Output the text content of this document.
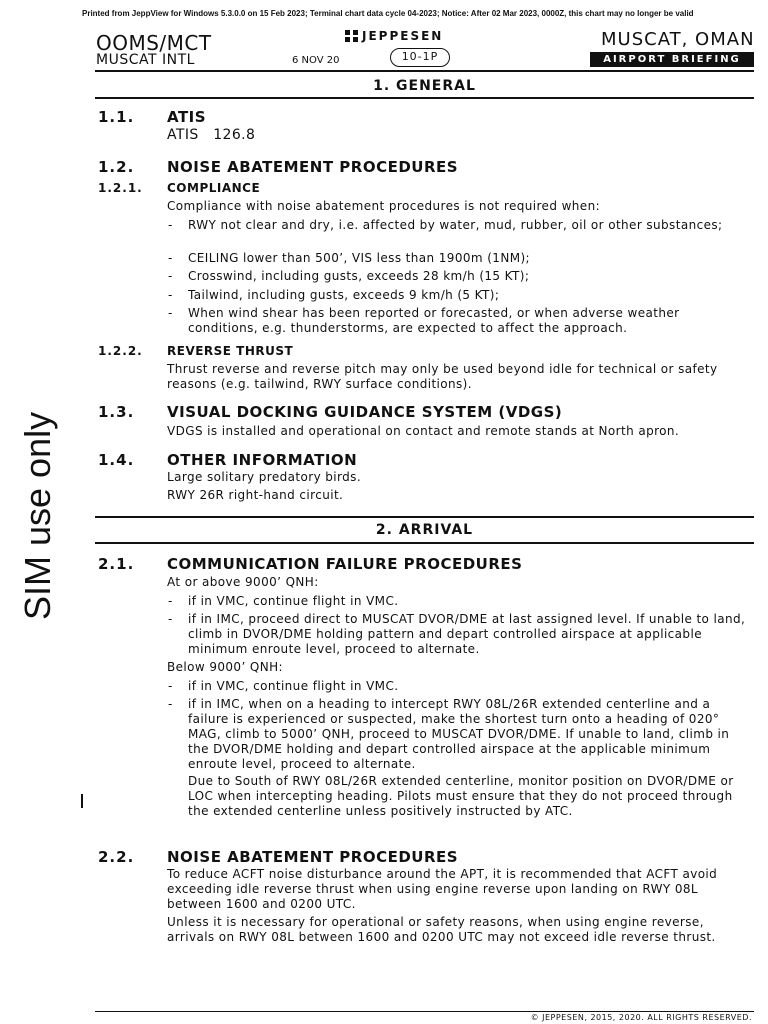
Printed from JeppView for Windows 5.3.0.0 on 15 Feb 2023; Terminal chart data cycle 04-2023; Notice: After 02 Mar 2023, 0000Z, this chart may no longer be valid
OOMS/MCT
MUSCAT INTL	6 NOV 20
JEPPESEN
10-1P
MUSCAT, OMAN
AIRPORT BRIEFING
1. GENERAL
1.1. ATIS
ATIS 126.8
1.2. NOISE ABATEMENT PROCEDURES
1.2.1. COMPLIANCE
Compliance with noise abatement procedures is not required when:
- RWY not clear and dry, i.e. affected by water, mud, rubber, oil or other substances;
- CEILING lower than 500’, VIS less than 1900m (1NM);
- Crosswind, including gusts, exceeds 28 km/h (15 KT);
- Tailwind, including gusts, exceeds 9 km/h (5 KT);
- When wind shear has been reported or forecasted, or when adverse weather conditions, e.g. thunderstorms, are expected to affect the approach.
1.2.2. REVERSE THRUST
Thrust reverse and reverse pitch may only be used beyond idle for technical or safety reasons (e.g. tailwind, RWY surface conditions).
1.3. VISUAL DOCKING GUIDANCE SYSTEM (VDGS)
VDGS is installed and operational on contact and remote stands at North apron.
1.4. OTHER INFORMATION
Large solitary predatory birds.
RWY 26R right-hand circuit.
2. ARRIVAL
2.1. COMMUNICATION FAILURE PROCEDURES
At or above 9000’ QNH:
- if in VMC, continue flight in VMC.
- if in IMC, proceed direct to MUSCAT DVOR/DME at last assigned level. If unable to land, climb in DVOR/DME holding pattern and depart controlled airspace at applicable minimum enroute level, proceed to alternate.
Below 9000’ QNH:
- if in VMC, continue flight in VMC.
- if in IMC, when on a heading to intercept RWY 08L/26R extended centerline and a failure is experienced or suspected, make the shortest turn onto a heading of 020° MAG, climb to 5000’ QNH, proceed to MUSCAT DVOR/DME. If unable to land, climb in the DVOR/DME holding and depart controlled airspace at the applicable minimum enroute level, proceed to alternate.
Due to South of RWY 08L/26R extended centerline, monitor position on DVOR/DME or LOC when intercepting heading. Pilots must ensure that they do not proceed through the extended centerline unless positively instructed by ATC.
2.2. NOISE ABATEMENT PROCEDURES
To reduce ACFT noise disturbance around the APT, it is recommended that ACFT avoid exceeding idle reverse thrust when using engine reverse upon landing on RWY 08L between 1600 and 0200 UTC.
Unless it is necessary for operational or safety reasons, when using engine reverse, arrivals on RWY 08L between 1600 and 0200 UTC may not exceed idle reverse thrust.
SIM use only
© JEPPESEN, 2015, 2020. ALL RIGHTS RESERVED.
